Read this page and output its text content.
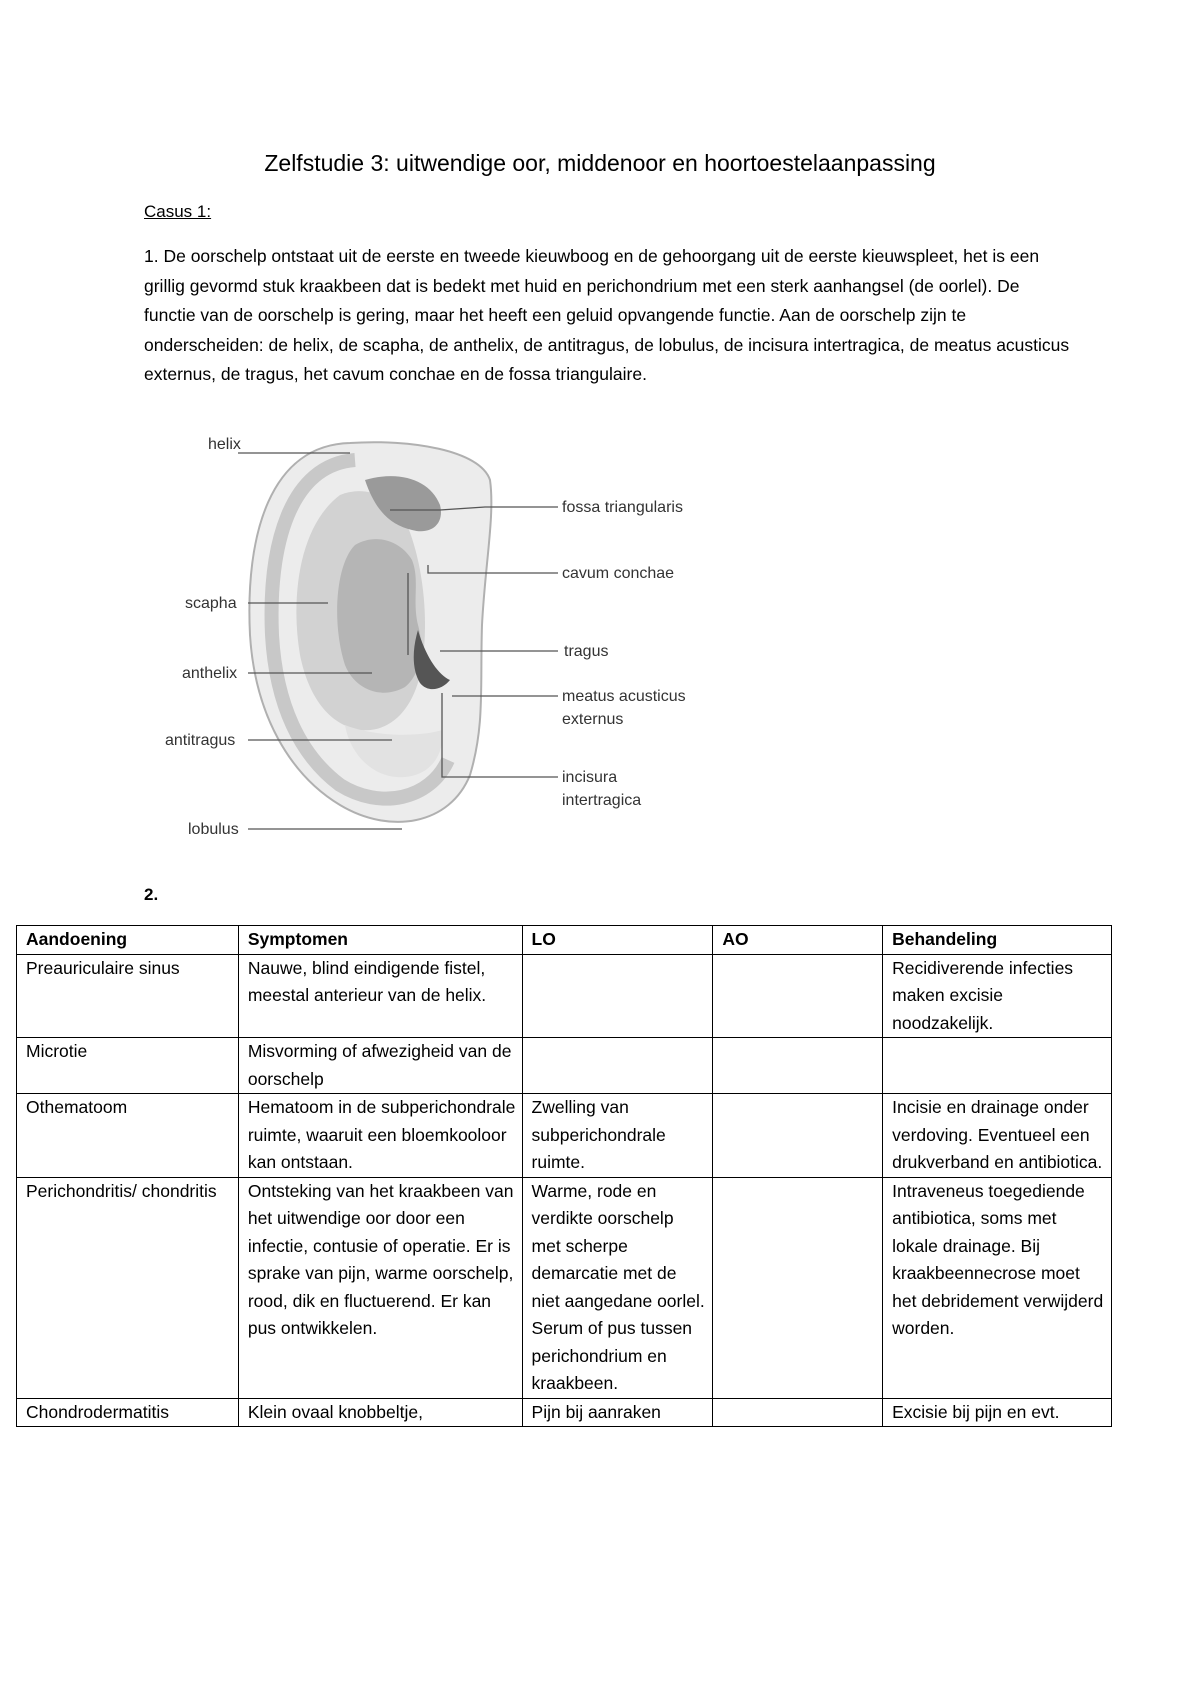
Zelfstudie 3: uitwendige oor, middenoor en hoortoestelaanpassing
Casus 1:

1. De oorschelp ontstaat uit de eerste en tweede kieuwboog en de gehoorgang uit de eerste kieuwspleet, het is een grillig gevormd stuk kraakbeen dat is bedekt met huid en perichondrium met een sterk aanhangsel (de oorlel). De functie van de oorschelp is gering, maar het heeft een geluid opvangende functie. Aan de oorschelp zijn te onderscheiden: de helix, de scapha, de anthelix, de antitragus, de lobulus, de incisura intertragica, de meatus acusticus externus, de tragus, het cavum conchae en de fossa triangulaire.

helix
scapha
anthelix
antitragus
lobulus
fossa triangularis
cavum conchae
tragus
meatus acusticus
externus
incisura
intertragica
2.
Aandoening	Symptomen	LO	AO	Behandeling
Preauriculaire sinus	Nauwe, blind eindigende fistel, meestal anterieur van de helix.			Recidiverende infecties maken excisie noodzakelijk.
Microtie	Misvorming of afwezigheid van de oorschelp			
Othematoom	Hematoom in de subperichondrale ruimte, waaruit een bloemkooloor kan ontstaan.	Zwelling van subperichondrale ruimte.		Incisie en drainage onder verdoving. Eventueel een drukverband en antibiotica.
Perichondritis/ chondritis	Ontsteking van het kraakbeen van het uitwendige oor door een infectie, contusie of operatie. Er is sprake van pijn, warme oorschelp, rood, dik en fluctuerend. Er kan pus ontwikkelen.	Warme, rode en verdikte oorschelp met scherpe demarcatie met de niet aangedane oorlel. Serum of pus tussen perichondrium en kraakbeen.		Intraveneus toegediende antibiotica, soms met lokale drainage. Bij kraakbeennecrose moet het debridement verwijderd worden.
Chondrodermatitis	Klein ovaal knobbeltje,	Pijn bij aanraken		Excisie bij pijn en evt.
